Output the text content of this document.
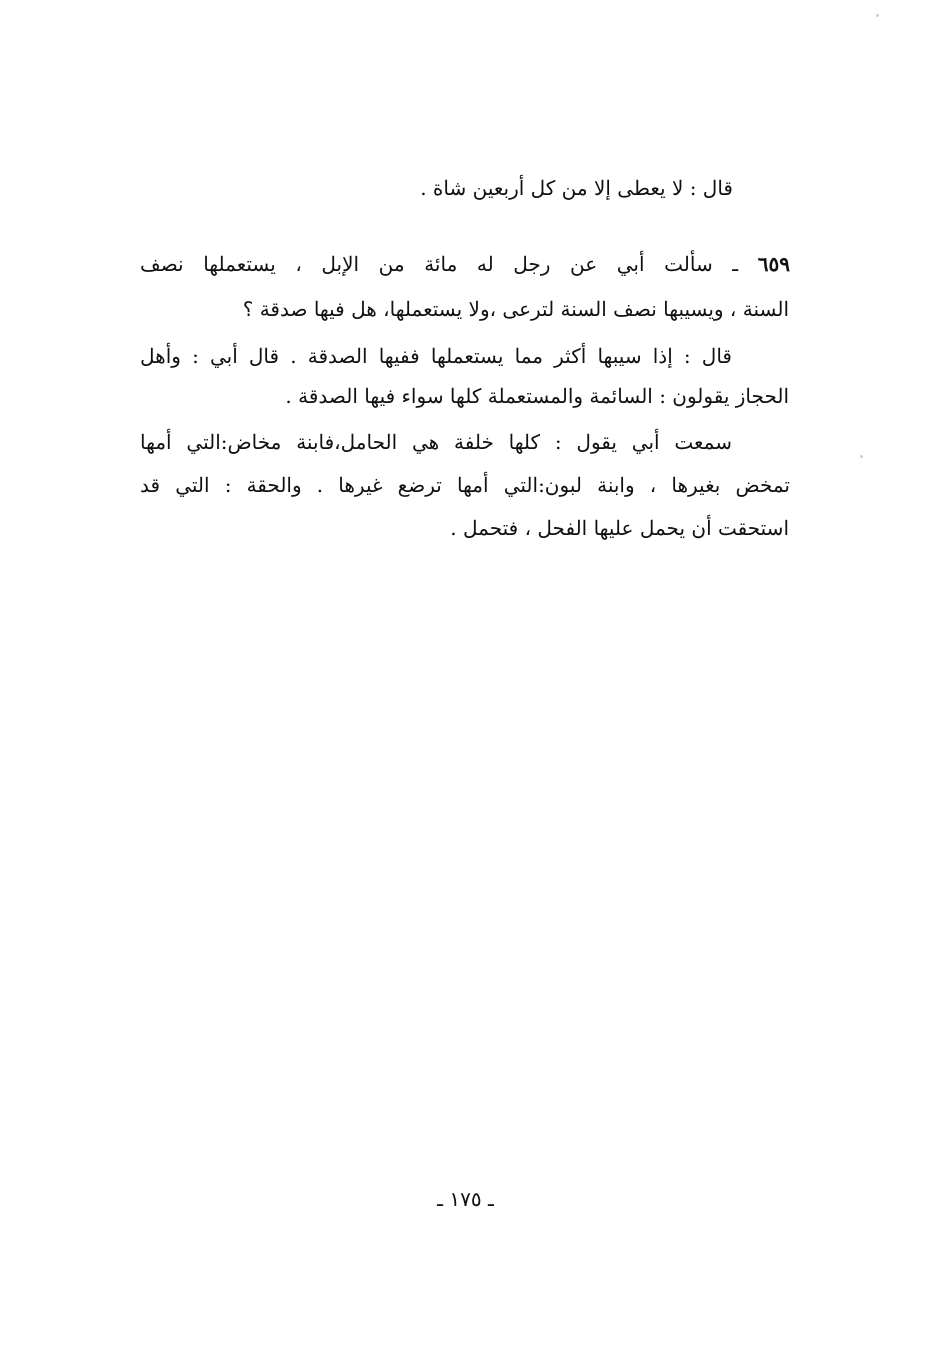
قال : لا يعطى إلا من كل أربعين شاة .
٦٥٩ ـ سألت أبي عن رجل له مائة من الإبل ، يستعملها نصف
السنة ، ويسيبها نصف السنة لترعى ،ولا يستعملها، هل فيها صدقة ؟
قال : إذا سيبها أكثر مما يستعملها ففيها الصدقة . قال أبي : وأهل
الحجاز يقولون : السائمة والمستعملة كلها سواء فيها الصدقة .
سمعت أبي يقول : كلها خلفة هي الحامل،فابنة مخاض:التي أمها
تمخض بغيرها ، وابنة لبون:التي أمها ترضع غيرها . والحقة : التي قد
استحقت أن يحمل عليها الفحل ، فتحمل .
ـ ١٧٥ ـ
